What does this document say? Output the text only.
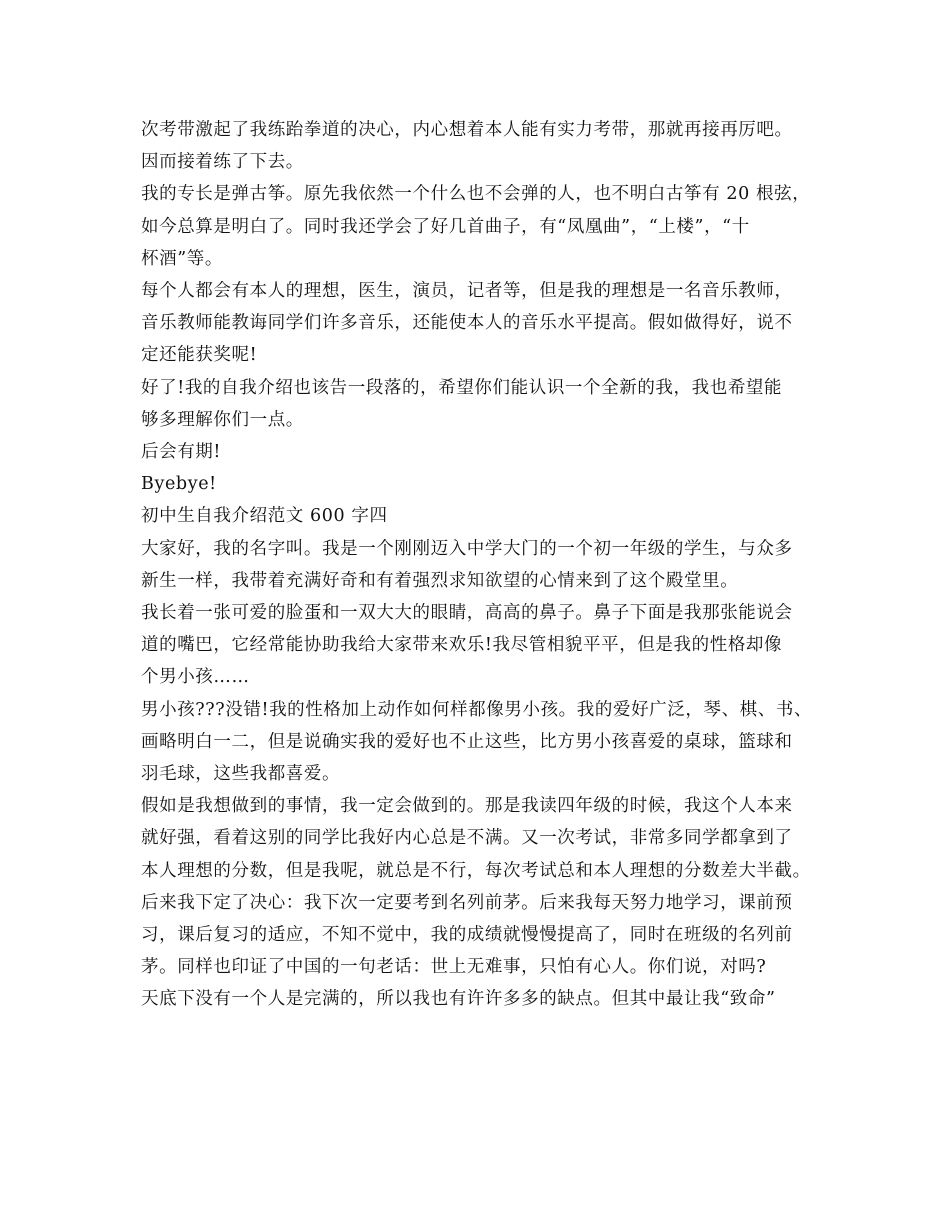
次考带激起了我练跆拳道的决心，内心想着本人能有实力考带，那就再接再厉吧。

因而接着练了下去。

我的专长是弹古筝。原先我依然一个什么也不会弹的人，也不明白古筝有 20 根弦，

如今总算是明白了。同时我还学会了好几首曲子，有“凤凰曲”，“上楼”，“十

杯酒”等。

每个人都会有本人的理想，医生，演员，记者等，但是我的理想是一名音乐教师，

音乐教师能教诲同学们许多音乐，还能使本人的音乐水平提高。假如做得好，说不

定还能获奖呢!

好了!我的自我介绍也该告一段落的，希望你们能认识一个全新的我，我也希望能

够多理解你们一点。

后会有期!

Byebye!

初中生自我介绍范文 600 字四

大家好，我的名字叫。我是一个刚刚迈入中学大门的一个初一年级的学生，与众多

新生一样，我带着充满好奇和有着强烈求知欲望的心情来到了这个殿堂里。

我长着一张可爱的脸蛋和一双大大的眼睛，高高的鼻子。鼻子下面是我那张能说会

道的嘴巴，它经常能协助我给大家带来欢乐!我尽管相貌平平，但是我的性格却像

个男小孩……

男小孩???没错!我的性格加上动作如何样都像男小孩。我的爱好广泛，琴、棋、书、

画略明白一二，但是说确实我的爱好也不止这些，比方男小孩喜爱的桌球，篮球和

羽毛球，这些我都喜爱。

假如是我想做到的事情，我一定会做到的。那是我读四年级的时候，我这个人本来

就好强，看着这别的同学比我好内心总是不满。又一次考试，非常多同学都拿到了

本人理想的分数，但是我呢，就总是不行，每次考试总和本人理想的分数差大半截。

后来我下定了决心：我下次一定要考到名列前茅。后来我每天努力地学习，课前预

习，课后复习的适应，不知不觉中，我的成绩就慢慢提高了，同时在班级的名列前

茅。同样也印证了中国的一句老话：世上无难事，只怕有心人。你们说，对吗?

天底下没有一个人是完满的，所以我也有许许多多的缺点。但其中最让我“致命”
